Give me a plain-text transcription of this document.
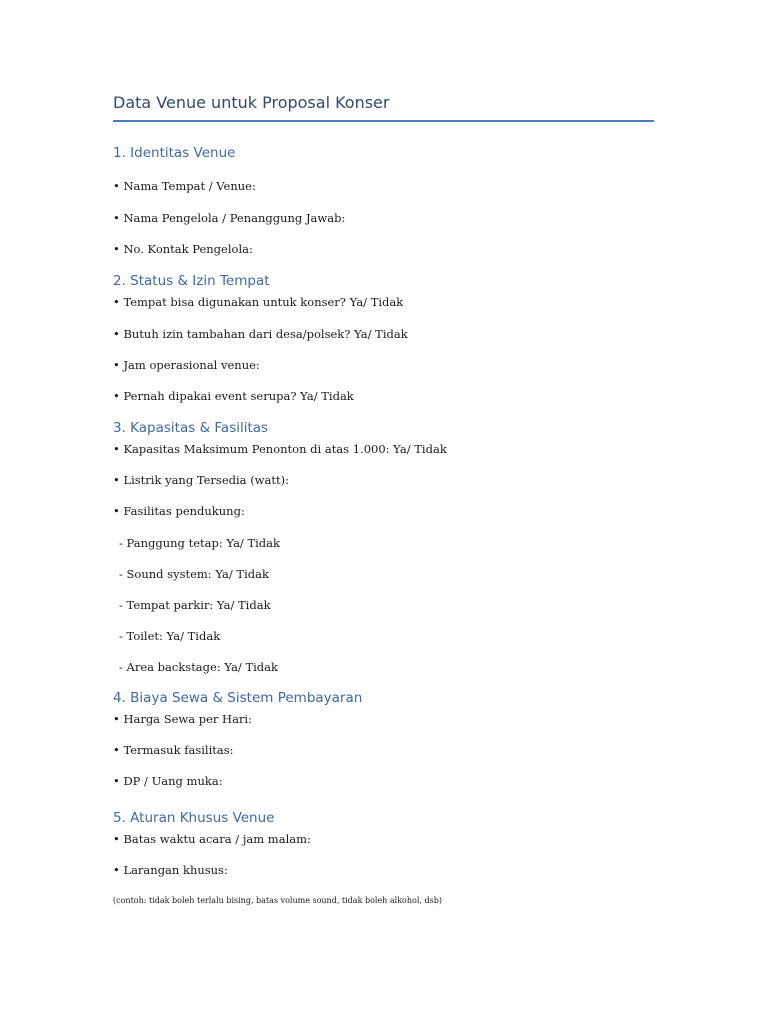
Data Venue untuk Proposal Konser
1. Identitas Venue
• Nama Tempat / Venue:
• Nama Pengelola / Penanggung Jawab:
• No. Kontak Pengelola:
2. Status & Izin Tempat
• Tempat bisa digunakan untuk konser? Ya/ Tidak
• Butuh izin tambahan dari desa/polsek? Ya/ Tidak
• Jam operasional venue:
• Pernah dipakai event serupa? Ya/ Tidak
3. Kapasitas & Fasilitas
• Kapasitas Maksimum Penonton di atas 1.000: Ya/ Tidak
• Listrik yang Tersedia (watt):
• Fasilitas pendukung:
- Panggung tetap: Ya/ Tidak
- Sound system: Ya/ Tidak
- Tempat parkir: Ya/ Tidak
- Toilet: Ya/ Tidak
- Area backstage: Ya/ Tidak
4. Biaya Sewa & Sistem Pembayaran
• Harga Sewa per Hari:
• Termasuk fasilitas:
• DP / Uang muka:
5. Aturan Khusus Venue
• Batas waktu acara / jam malam:
• Larangan khusus:
(contoh: tidak boleh terlalu bising, batas volume sound, tidak boleh alkohol, dsb)
